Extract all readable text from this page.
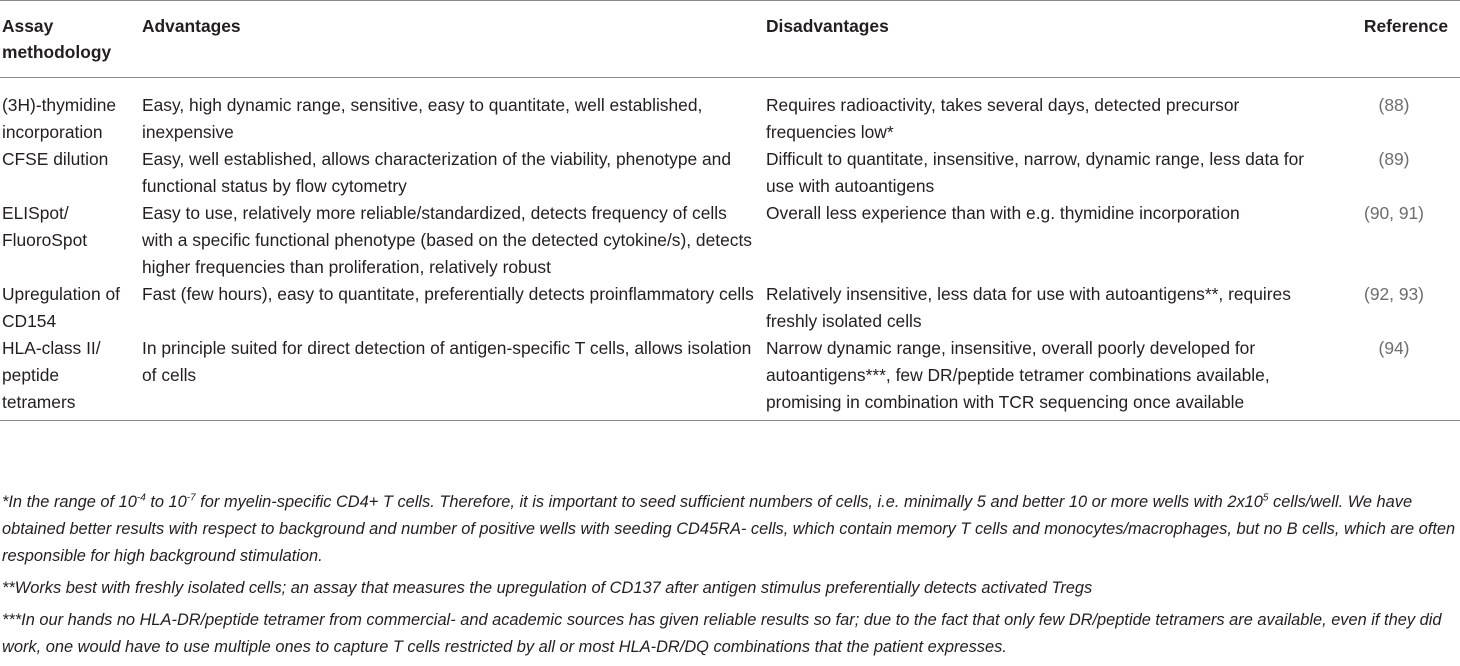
Assay methodology	Advantages	Disadvantages	Reference
(3H)-thymidine incorporation	Easy, high dynamic range, sensitive, easy to quantitate, well established, inexpensive	Requires radioactivity, takes several days, detected precursor frequencies low*	(88)
CFSE dilution	Easy, well established, allows characterization of the viability, phenotype and functional status by flow cytometry	Difficult to quantitate, insensitive, narrow, dynamic range, less data for use with autoantigens	(89)
ELISpot/ FluoroSpot	Easy to use, relatively more reliable/standardized, detects frequency of cells with a specific functional phenotype (based on the detected cytokine/s), detects higher frequencies than proliferation, relatively robust	Overall less experience than with e.g. thymidine incorporation	(90, 91)
Upregulation of CD154	Fast (few hours), easy to quantitate, preferentially detects proinflammatory cells	Relatively insensitive, less data for use with autoantigens**, requires freshly isolated cells	(92, 93)
HLA-class II/ peptide tetramers	In principle suited for direct detection of antigen-specific T cells, allows isolation of cells	Narrow dynamic range, insensitive, overall poorly developed for autoantigens***, few DR/peptide tetramer combinations available, promising in combination with TCR sequencing once available	(94)

*In the range of $10^{-4}$ to $10^{-7}$ for myelin-specific CD4+ T cells. Therefore, it is important to seed sufficient numbers of cells, i.e. minimally 5 and better 10 or more wells with $2x10^5$ cells/well. We have obtained better results with respect to background and number of positive wells with seeding CD45RA- cells, which contain memory T cells and monocytes/macrophages, but no B cells, which are often responsible for high background stimulation.

**Works best with freshly isolated cells; an assay that measures the upregulation of CD137 after antigen stimulus preferentially detects activated Tregs

***In our hands no HLA-DR/peptide tetramer from commercial- and academic sources has given reliable results so far; due to the fact that only few DR/peptide tetramers are available, even if they did work, one would have to use multiple ones to capture T cells restricted by all or most HLA-DR/DQ combinations that the patient expresses.
